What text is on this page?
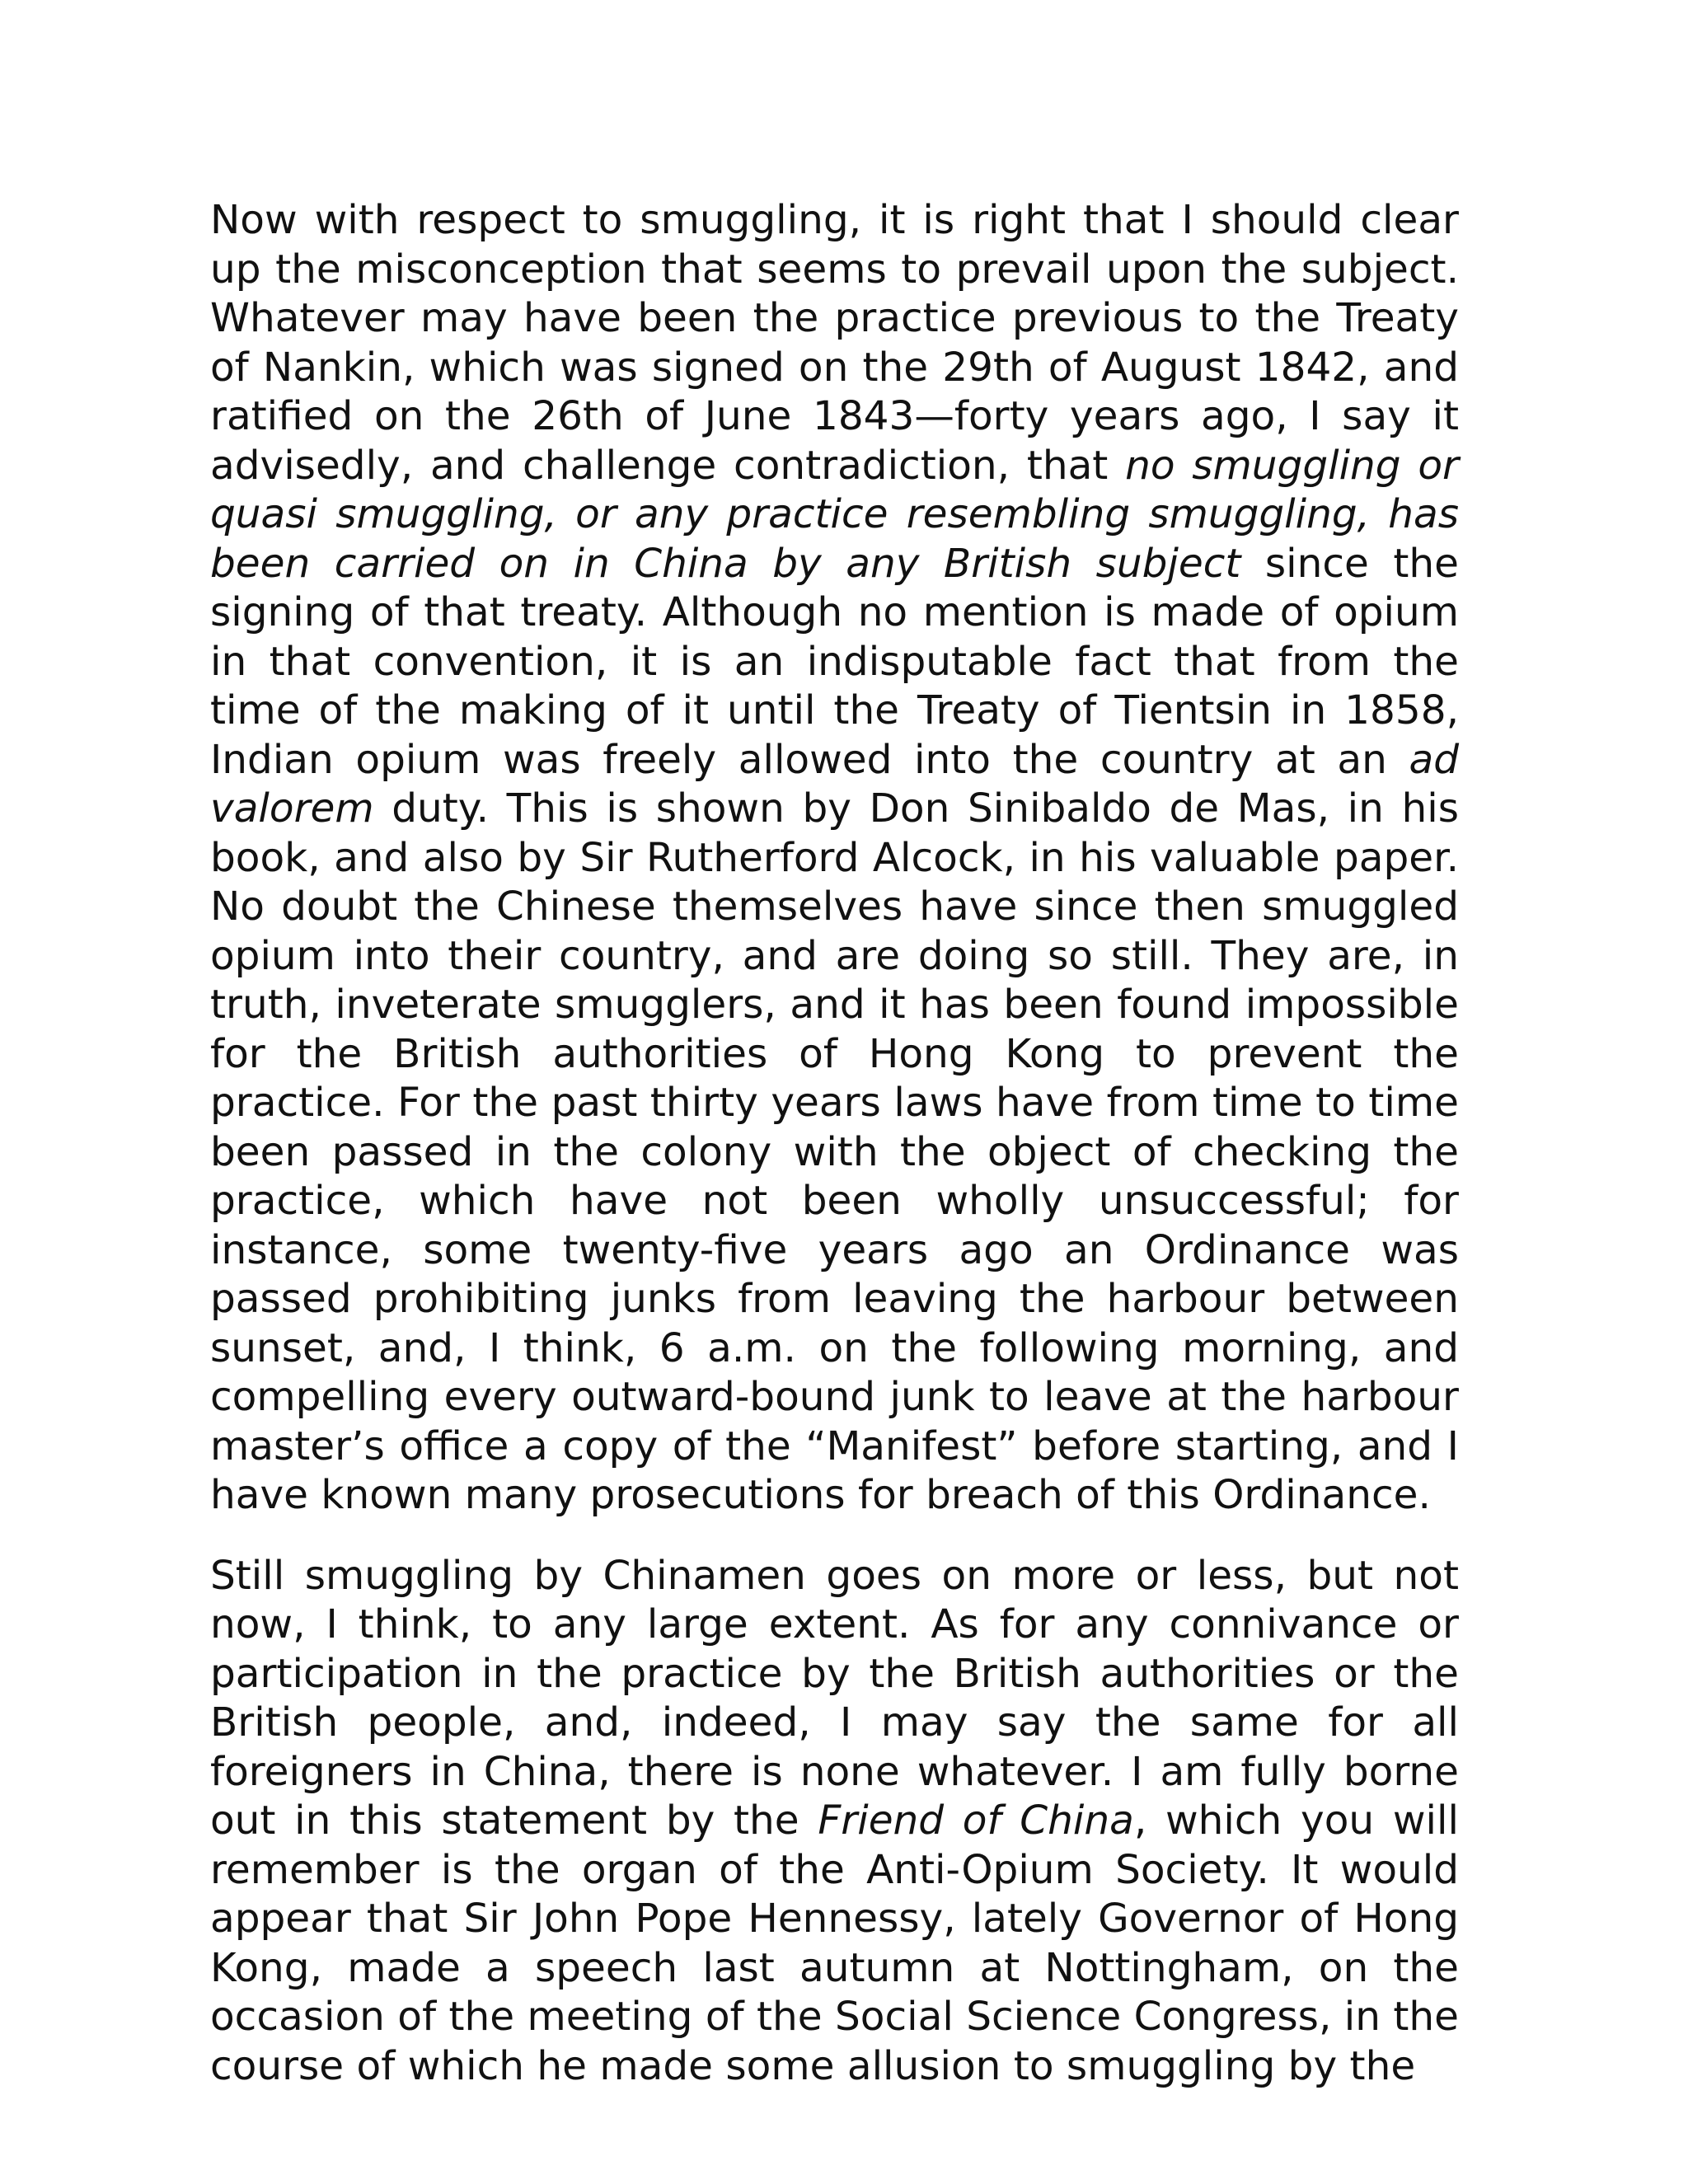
Now with respect to smuggling, it is right that I should clear up the misconception that seems to prevail upon the subject. Whatever may have been the practice previous to the Treaty of Nankin, which was signed on the 29th of August 1842, and ratified on the 26th of June 1843—forty years ago, I say it advisedly, and challenge contradiction, that no smuggling or quasi smuggling, or any practice resembling smuggling, has been carried on in China by any British subject since the signing of that treaty. Although no mention is made of opium in that convention, it is an indisputable fact that from the time of the making of it until the Treaty of Tientsin in 1858, Indian opium was freely allowed into the country at an ad valorem duty. This is shown by Don Sinibaldo de Mas, in his book, and also by Sir Rutherford Alcock, in his valuable paper. No doubt the Chinese themselves have since then smuggled opium into their country, and are doing so still. They are, in truth, inveterate smugglers, and it has been found impossible for the British authorities of Hong Kong to prevent the practice. For the past thirty years laws have from time to time been passed in the colony with the object of checking the practice, which have not been wholly unsuccessful; for instance, some twenty-five years ago an Ordinance was passed prohibiting junks from leaving the harbour between sunset, and, I think, 6 a.m. on the following morning, and compelling every outward-bound junk to leave at the harbour master’s office a copy of the “Manifest” before starting, and I have known many prosecutions for breach of this Ordinance.

Still smuggling by Chinamen goes on more or less, but not now, I think, to any large extent. As for any connivance or participation in the practice by the British authorities or the British people, and, indeed, I may say the same for all foreigners in China, there is none whatever. I am fully borne out in this statement by the Friend of China, which you will remember is the organ of the Anti-Opium Society. It would appear that Sir John Pope Hennessy, lately Governor of Hong Kong, made a speech last autumn at Nottingham, on the occasion of the meeting of the Social Science Congress, in the course of which he made some allusion to smuggling by the
